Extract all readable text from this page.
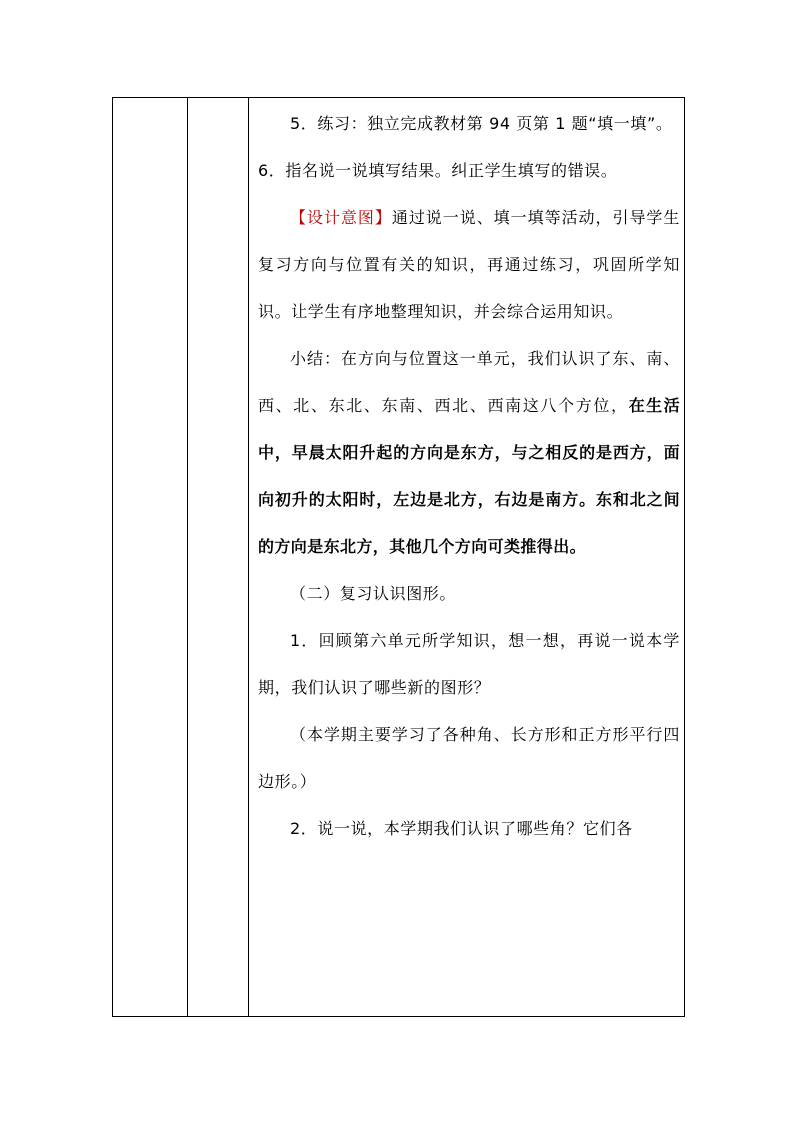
5．练习：独立完成教材第 94 页第 1 题“填一填”。

6．指名说一说填写结果。纠正学生填写的错误。

【设计意图】通过说一说、填一填等活动，引导学生复习方向与位置有关的知识，再通过练习，巩固所学知识。让学生有序地整理知识，并会综合运用知识。

小结：在方向与位置这一单元，我们认识了东、南、西、北、东北、东南、西北、西南这八个方位，在生活中，早晨太阳升起的方向是东方，与之相反的是西方，面向初升的太阳时，左边是北方，右边是南方。东和北之间的方向是东北方，其他几个方向可类推得出。

（二）复习认识图形。

1．回顾第六单元所学知识，想一想，再说一说本学期，我们认识了哪些新的图形？

（本学期主要学习了各种角、长方形和正方形平行四边形。）

2．说一说，本学期我们认识了哪些角？它们各
